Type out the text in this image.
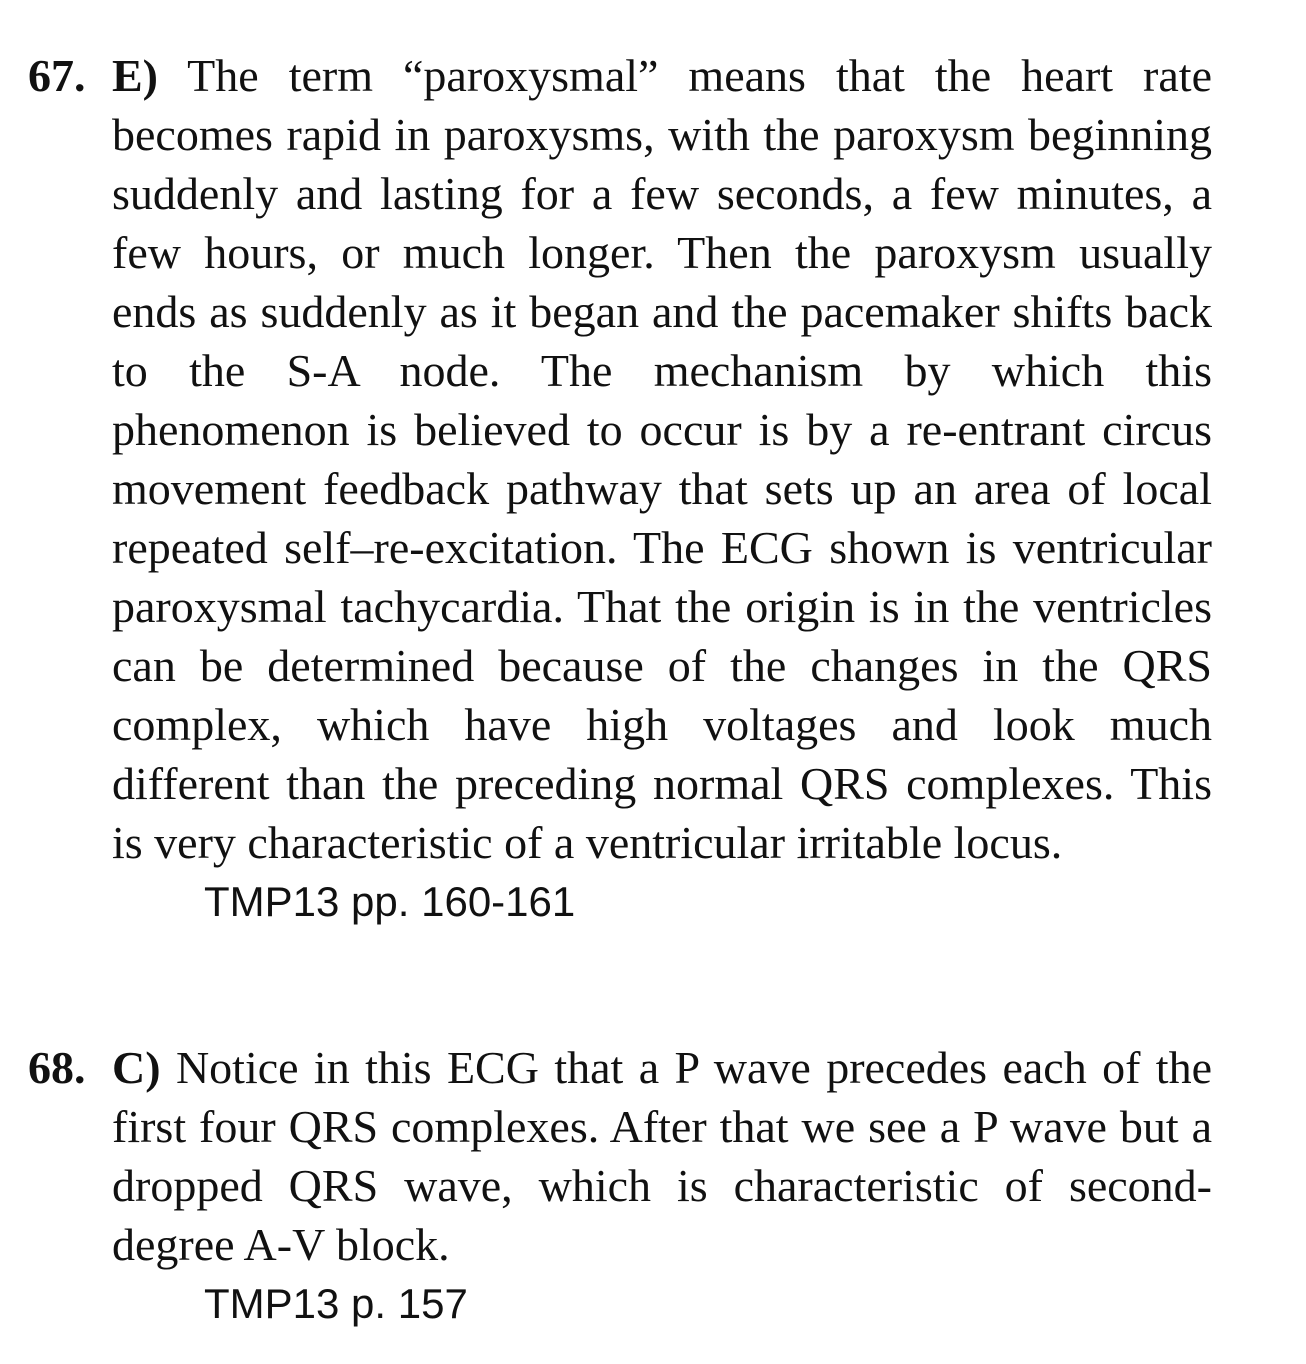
67. E) The term “paroxysmal” means that the heart rate becomes rapid in paroxysms, with the paroxysm beginning suddenly and lasting for a few seconds, a few minutes, a few hours, or much longer. Then the paroxysm usually ends as suddenly as it began and the pacemaker shifts back to the S-A node. The mechanism by which this phenomenon is believed to occur is by a re-entrant circus movement feedback pathway that sets up an area of local repeated self–re-excitation. The ECG shown is ventricular paroxysmal tachycardia. That the origin is in the ventricles can be determined because of the changes in the QRS complex, which have high voltages and look much different than the preceding normal QRS complexes. This is very characteristic of a ventricular irritable locus.
TMP13 pp. 160-161
68. C) Notice in this ECG that a P wave precedes each of the first four QRS complexes. After that we see a P wave but a dropped QRS wave, which is characteristic of second-degree A-V block.
TMP13 p. 157
